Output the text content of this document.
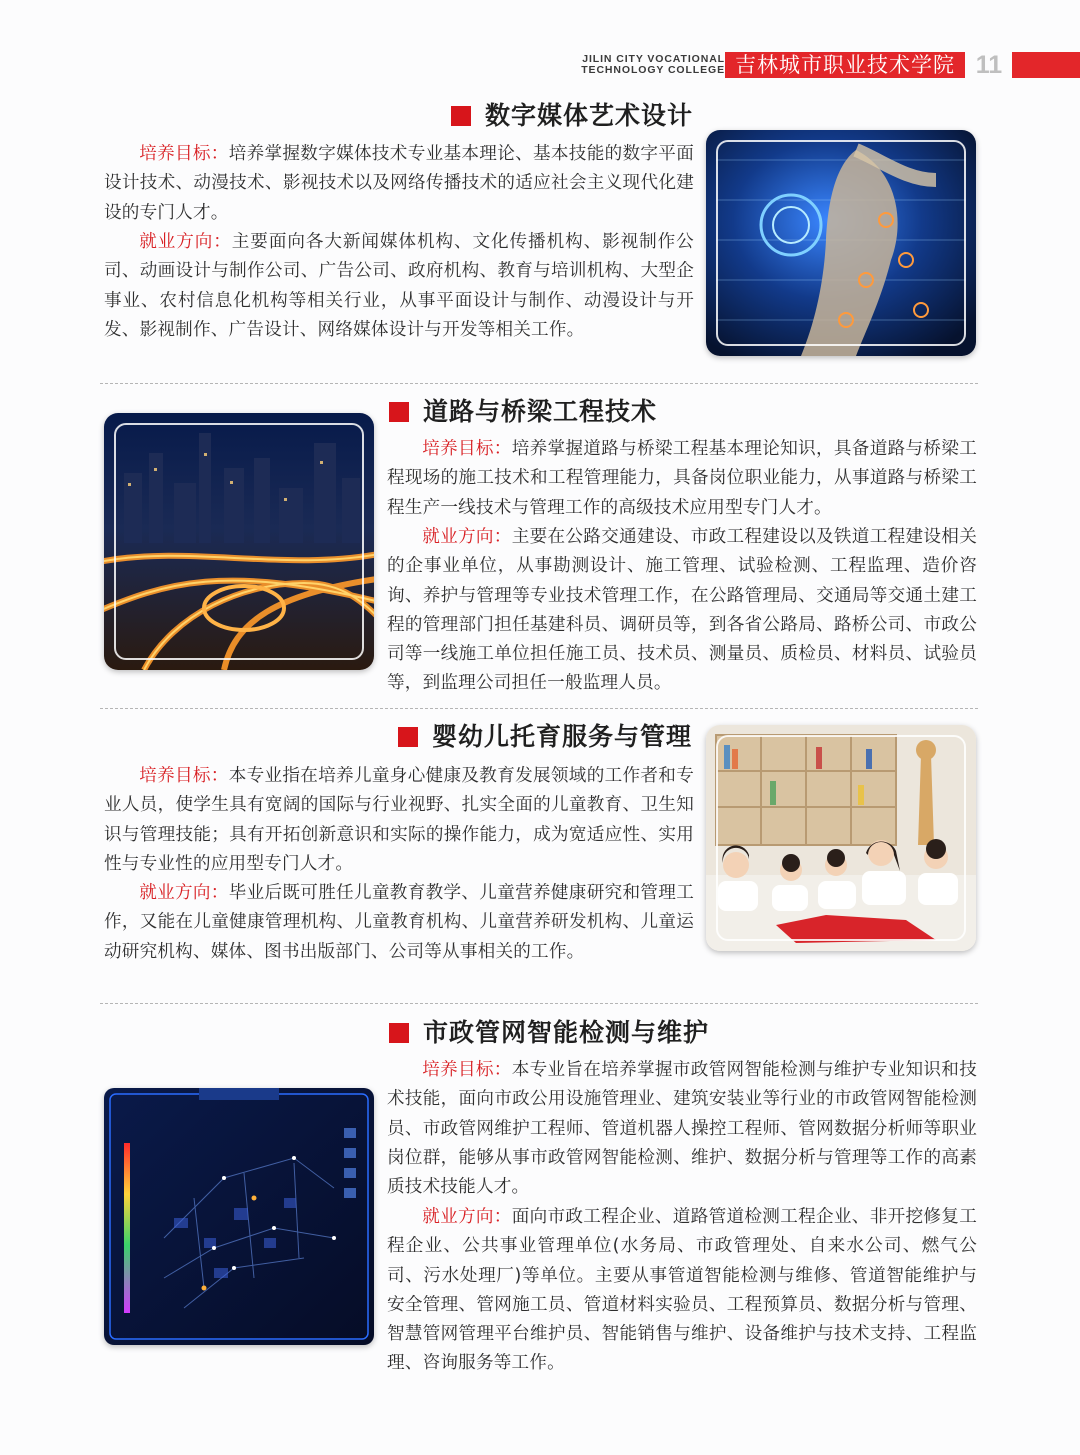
JILIN CITY VOCATIONAL
TECHNOLOGY COLLEGE 吉林城市职业技术学院 11
数字媒体艺术设计

培养目标：培养掌握数字媒体技术专业基本理论、基本技能的数字平面设计技术、动漫技术、影视技术以及网络传播技术的适应社会主义现代化建设的专门人才。

就业方向：主要面向各大新闻媒体机构、文化传播机构、影视制作公司、动画设计与制作公司、广告公司、政府机构、教育与培训机构、大型企事业、农村信息化机构等相关行业，从事平面设计与制作、动漫设计与开发、影视制作、广告设计、网络媒体设计与开发等相关工作。

道路与桥梁工程技术

培养目标：培养掌握道路与桥梁工程基本理论知识，具备道路与桥梁工程现场的施工技术和工程管理能力，具备岗位职业能力，从事道路与桥梁工程生产一线技术与管理工作的高级技术应用型专门人才。

就业方向：主要在公路交通建设、市政工程建设以及铁道工程建设相关的企事业单位，从事勘测设计、施工管理、试验检测、工程监理、造价咨询、养护与管理等专业技术管理工作，在公路管理局、交通局等交通土建工程的管理部门担任基建科员、调研员等，到各省公路局、路桥公司、市政公司等一线施工单位担任施工员、技术员、测量员、质检员、材料员、试验员等，到监理公司担任一般监理人员。

婴幼儿托育服务与管理

培养目标：本专业指在培养儿童身心健康及教育发展领域的工作者和专业人员，使学生具有宽阔的国际与行业视野、扎实全面的儿童教育、卫生知识与管理技能；具有开拓创新意识和实际的操作能力，成为宽适应性、实用性与专业性的应用型专门人才。

就业方向：毕业后既可胜任儿童教育教学、儿童营养健康研究和管理工作，又能在儿童健康管理机构、儿童教育机构、儿童营养研发机构、儿童运动研究机构、媒体、图书出版部门、公司等从事相关的工作。

市政管网智能检测与维护

培养目标：本专业旨在培养掌握市政管网智能检测与维护专业知识和技术技能，面向市政公用设施管理业、建筑安装业等行业的市政管网智能检测员、市政管网维护工程师、管道机器人操控工程师、管网数据分析师等职业岗位群，能够从事市政管网智能检测、维护、数据分析与管理等工作的高素质技术技能人才。

就业方向：面向市政工程企业、道路管道检测工程企业、非开挖修复工程企业、公共事业管理单位(水务局、市政管理处、自来水公司、燃气公司、污水处理厂)等单位。主要从事管道智能检测与维修、管道智能维护与安全管理、管网施工员、管道材料实验员、工程预算员、数据分析与管理、智慧管网管理平台维护员、智能销售与维护、设备维护与技术支持、工程监理、咨询服务等工作。
